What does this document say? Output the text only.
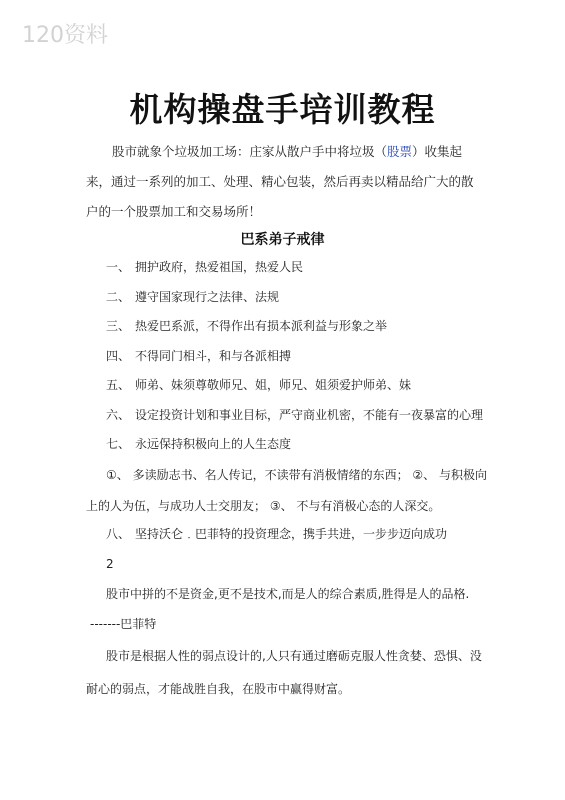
120资料
机构操盘手培训教程
股市就象个垃圾加工场：庄家从散户手中将垃圾（股票）收集起来，通过一系列的加工、处理、精心包装，然后再卖以精品给广大的散户的一个股票加工和交易场所！
巴系弟子戒律
一、 拥护政府，热爱祖国，热爱人民
二、 遵守国家现行之法律、法规
三、 热爱巴系派，不得作出有损本派利益与形象之举
四、 不得同门相斗，和与各派相搏
五、 师弟、妹须尊敬师兄、姐，师兄、姐须爱护师弟、妹
六、 设定投资计划和事业目标，严守商业机密，不能有一夜暴富的心理
七、 永远保持积极向上的人生态度
①、 多读励志书、名人传记，不读带有消极情绪的东西； ②、 与积极向上的人为伍，与成功人士交朋友； ③、 不与有消极心态的人深交。
八、 坚持沃仑﹒巴菲特的投资理念，携手共进，一步步迈向成功
2
股市中拼的不是资金,更不是技术,而是人的综合素质,胜得是人的品格.
-------巴菲特
股市是根据人性的弱点设计的,人只有通过磨砺克服人性贪婪、恐惧、没耐心的弱点，才能战胜自我，在股市中赢得财富。
